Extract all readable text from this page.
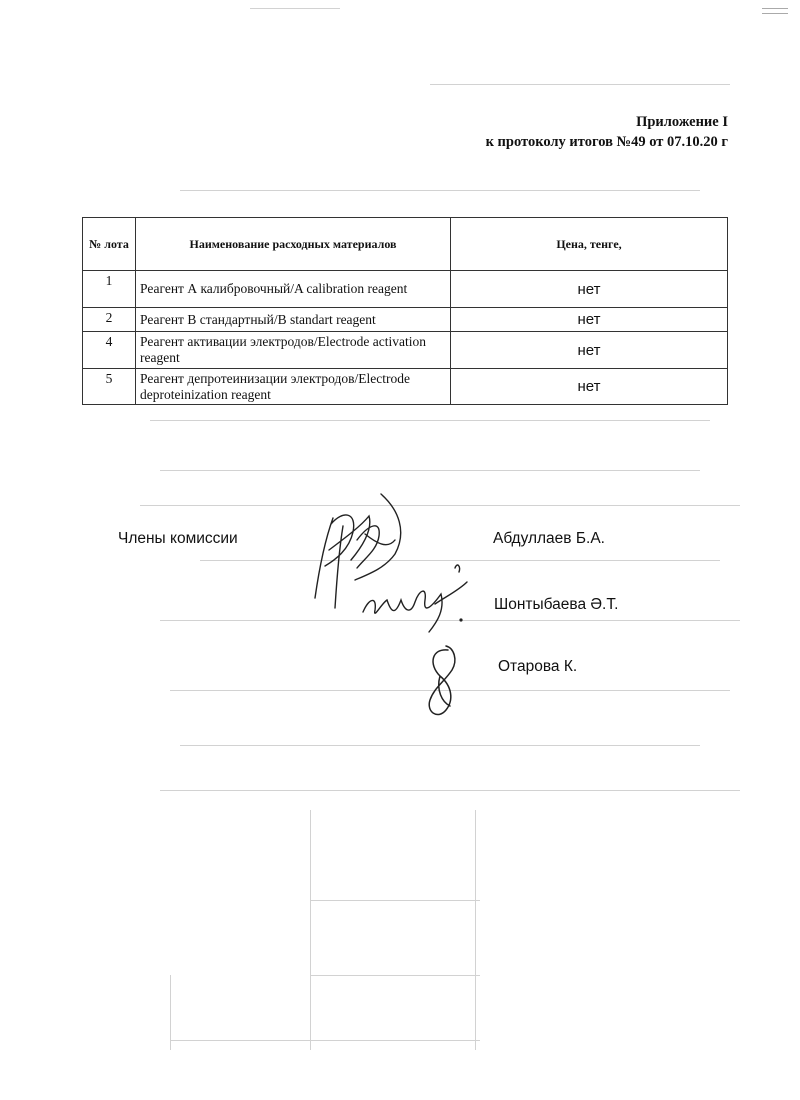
Приложение I
к протоколу итогов №49 от 07.10.20 г
№ лота	Наименование расходных материалов	Цена, тенге,
1	Реагент А калибровочный/A calibration reagent	нет
2	Реагент В стандартный/B standart reagent	нет
4	Реагент активации электродов/Electrode activation reagent	нет
5	Реагент депротеинизации электродов/Electrode deproteinization reagent	нет
Члены комиссии	Абдуллаев Б.А.
Шонтыбаева Ә.Т.
Отарова К.
